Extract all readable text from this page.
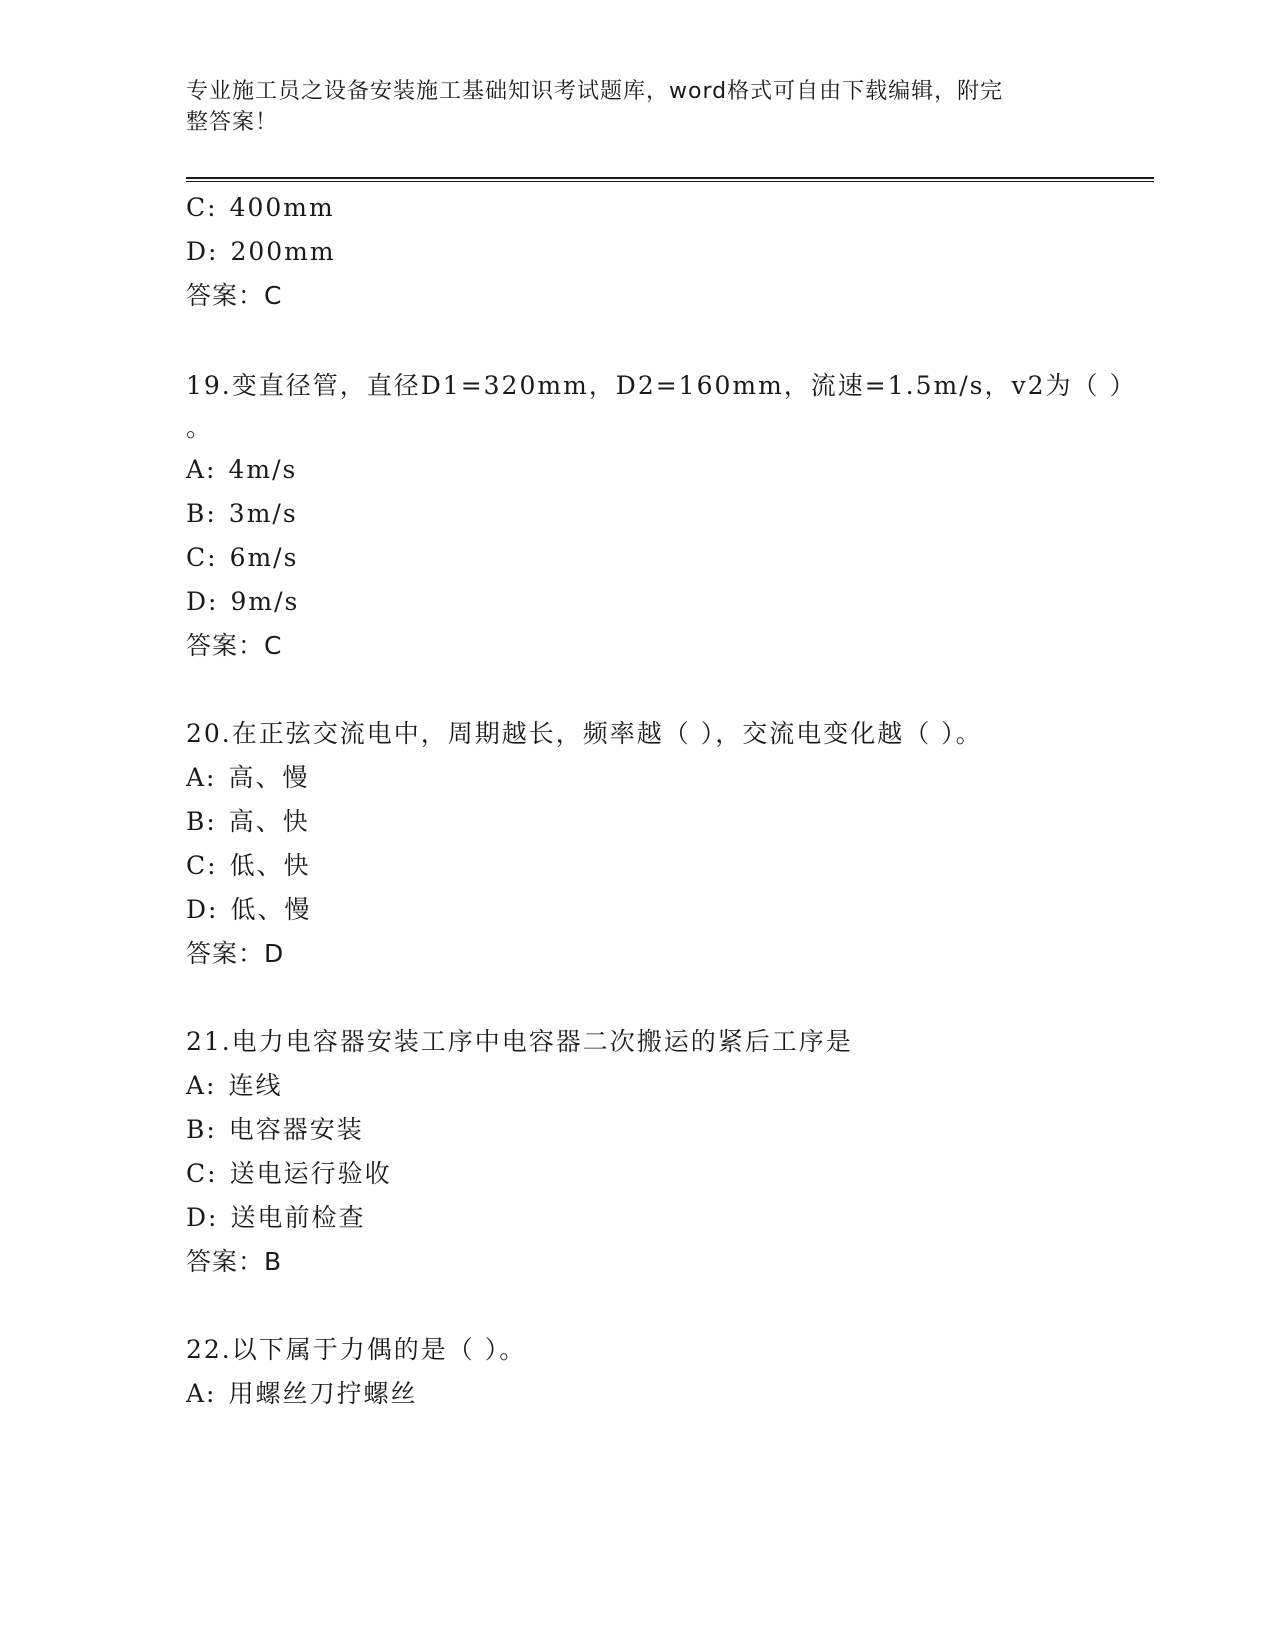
专业施工员之设备安装施工基础知识考试题库，word格式可自由下载编辑，附完
整答案！
C: 400mm
D: 200mm
答案：C
19.变直径管，直径D1=320mm，D2=160mm，流速=1.5m/s，v2为（ ）
。
A: 4m/s
B: 3m/s
C: 6m/s
D: 9m/s
答案：C
20.在正弦交流电中，周期越长，频率越（ ），交流电变化越（ ）。
A: 高、慢
B: 高、快
C: 低、快
D: 低、慢
答案：D
21.电力电容器安装工序中电容器二次搬运的紧后工序是
A: 连线
B: 电容器安装
C: 送电运行验收
D: 送电前检查
答案：B
22.以下属于力偶的是（ ）。
A: 用螺丝刀拧螺丝
